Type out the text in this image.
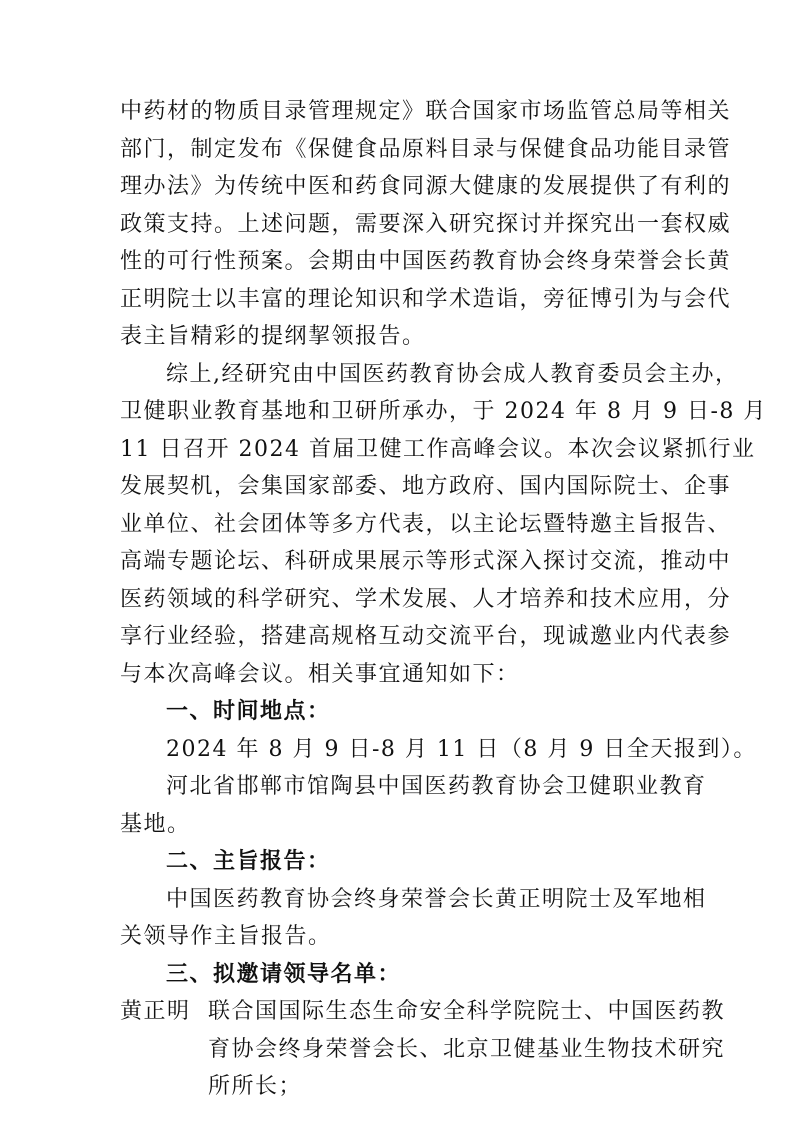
中药材的物质目录管理规定》联合国家市场监管总局等相关
部门，制定发布《保健食品原料目录与保健食品功能目录管
理办法》为传统中医和药食同源大健康的发展提供了有利的
政策支持。上述问题，需要深入研究探讨并探究出一套权威
性的可行性预案。会期由中国医药教育协会终身荣誉会长黄
正明院士以丰富的理论知识和学术造诣，旁征博引为与会代
表主旨精彩的提纲挈领报告。
综上,经研究由中国医药教育协会成人教育委员会主办，
卫健职业教育基地和卫研所承办，于 2024 年 8 月 9 日-8 月
11 日召开 2024 首届卫健工作高峰会议。本次会议紧抓行业
发展契机，会集国家部委、地方政府、国内国际院士、企事
业单位、社会团体等多方代表，以主论坛暨特邀主旨报告、
高端专题论坛、科研成果展示等形式深入探讨交流，推动中
医药领域的科学研究、学术发展、人才培养和技术应用，分
享行业经验，搭建高规格互动交流平台，现诚邀业内代表参
与本次高峰会议。相关事宜通知如下：
一、时间地点：
2024 年 8 月 9 日-8 月 11 日（8 月 9 日全天报到）。
河北省邯郸市馆陶县中国医药教育协会卫健职业教育
基地。
二、主旨报告：
中国医药教育协会终身荣誉会长黄正明院士及军地相
关领导作主旨报告。
三、拟邀请领导名单：
黄正明 联合国国际生态生命安全科学院院士、中国医药教
育协会终身荣誉会长、北京卫健基业生物技术研究
所所长；
